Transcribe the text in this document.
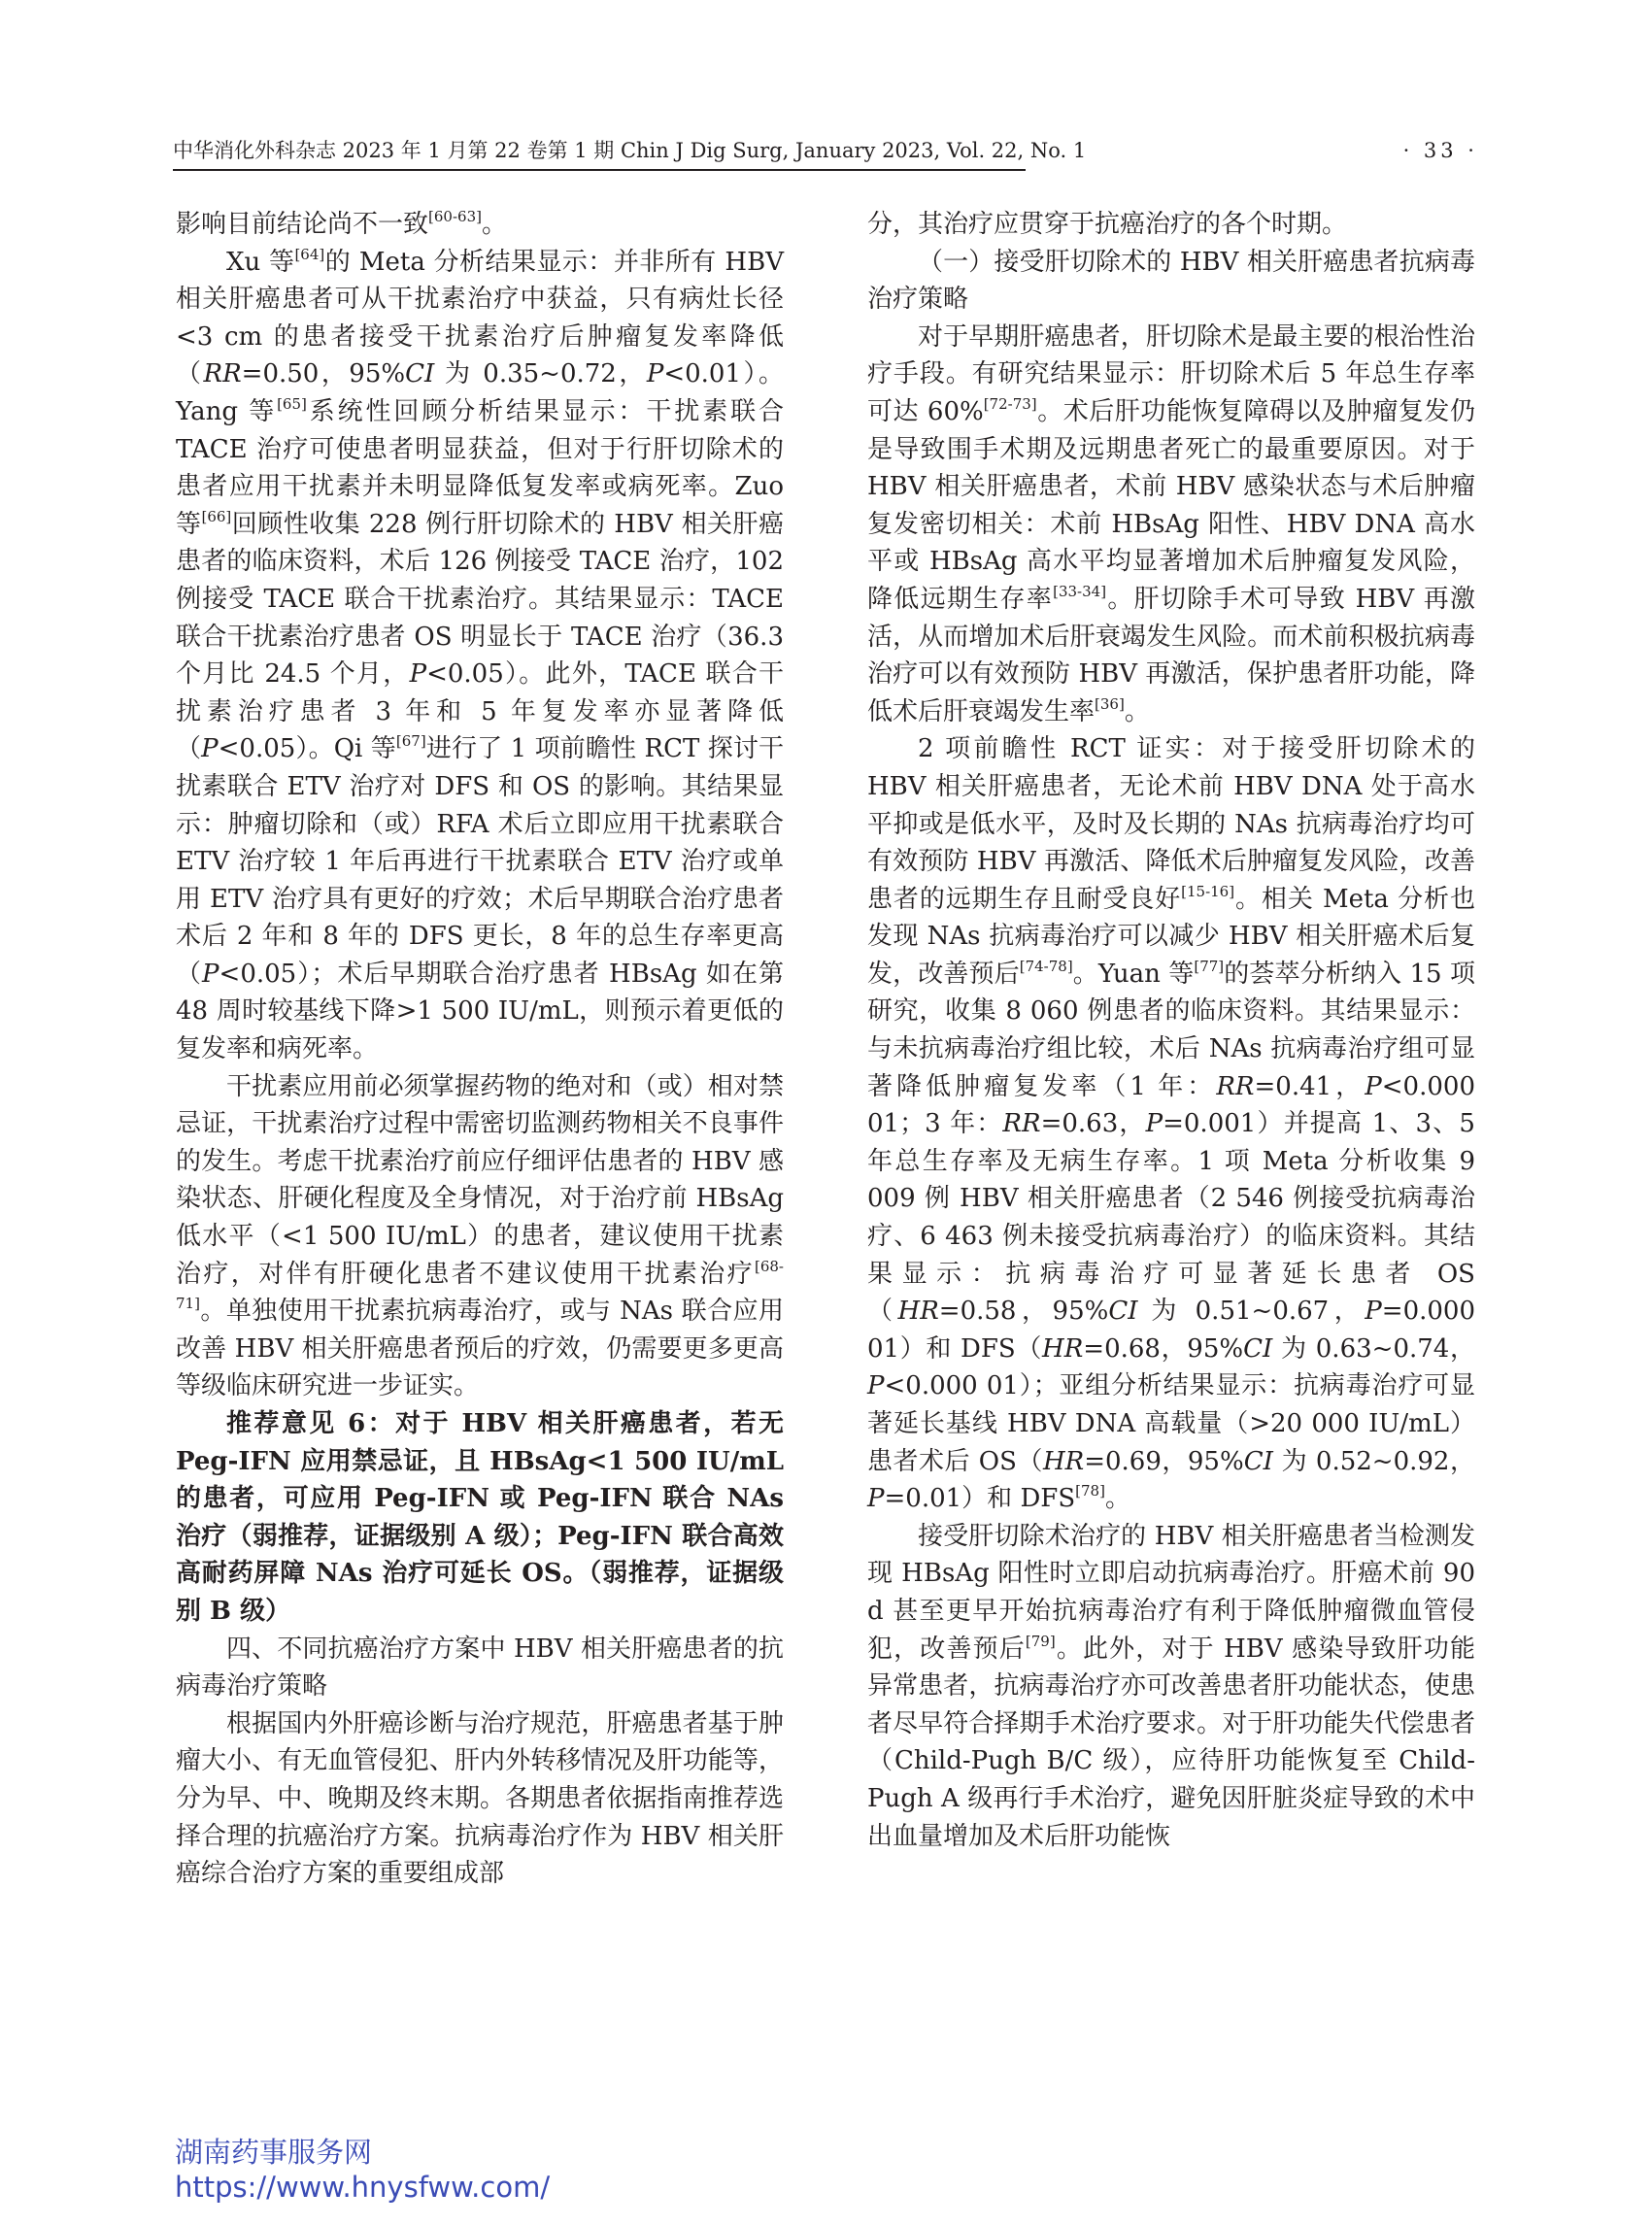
中华消化外科杂志 2023 年 1 月第 22 卷第 1 期 Chin J Dig Surg, January 2023, Vol. 22, No. 1	· 33 ·

影响目前结论尚不一致[60-63]。

Xu 等[64]的 Meta 分析结果显示：并非所有 HBV 相关肝癌患者可从干扰素治疗中获益，只有病灶长径<3 cm 的患者接受干扰素治疗后肿瘤复发率降低（RR=0.50，95%CI 为 0.35~0.72，P<0.01）。Yang 等[65]系统性回顾分析结果显示：干扰素联合 TACE 治疗可使患者明显获益，但对于行肝切除术的患者应用干扰素并未明显降低复发率或病死率。Zuo 等[66]回顾性收集 228 例行肝切除术的 HBV 相关肝癌患者的临床资料，术后 126 例接受 TACE 治疗，102 例接受 TACE 联合干扰素治疗。其结果显示：TACE 联合干扰素治疗患者 OS 明显长于 TACE 治疗（36.3 个月比 24.5 个月，P<0.05）。此外，TACE 联合干扰素治疗患者 3 年和 5 年复发率亦显著降低（P<0.05）。Qi 等[67]进行了 1 项前瞻性 RCT 探讨干扰素联合 ETV 治疗对 DFS 和 OS 的影响。其结果显示：肿瘤切除和（或）RFA 术后立即应用干扰素联合 ETV 治疗较 1 年后再进行干扰素联合 ETV 治疗或单用 ETV 治疗具有更好的疗效；术后早期联合治疗患者术后 2 年和 8 年的 DFS 更长，8 年的总生存率更高（P<0.05）；术后早期联合治疗患者 HBsAg 如在第 48 周时较基线下降>1 500 IU/mL，则预示着更低的复发率和病死率。

干扰素应用前必须掌握药物的绝对和（或）相对禁忌证，干扰素治疗过程中需密切监测药物相关不良事件的发生。考虑干扰素治疗前应仔细评估患者的 HBV 感染状态、肝硬化程度及全身情况，对于治疗前 HBsAg 低水平（<1 500 IU/mL）的患者，建议使用干扰素治疗，对伴有肝硬化患者不建议使用干扰素治疗[68-71]。单独使用干扰素抗病毒治疗，或与 NAs 联合应用改善 HBV 相关肝癌患者预后的疗效，仍需要更多更高等级临床研究进一步证实。

推荐意见 6：对于 HBV 相关肝癌患者，若无 Peg-IFN 应用禁忌证，且 HBsAg<1 500 IU/mL 的患者，可应用 Peg-IFN 或 Peg-IFN 联合 NAs 治疗（弱推荐，证据级别 A 级）；Peg-IFN 联合高效高耐药屏障 NAs 治疗可延长 OS。（弱推荐，证据级别 B 级）

四、不同抗癌治疗方案中 HBV 相关肝癌患者的抗病毒治疗策略

根据国内外肝癌诊断与治疗规范，肝癌患者基于肿瘤大小、有无血管侵犯、肝内外转移情况及肝功能等，分为早、中、晚期及终末期。各期患者依据指南推荐选择合理的抗癌治疗方案。抗病毒治疗作为 HBV 相关肝癌综合治疗方案的重要组成部

分，其治疗应贯穿于抗癌治疗的各个时期。

（一）接受肝切除术的 HBV 相关肝癌患者抗病毒治疗策略

对于早期肝癌患者，肝切除术是最主要的根治性治疗手段。有研究结果显示：肝切除术后 5 年总生存率可达 60%[72-73]。术后肝功能恢复障碍以及肿瘤复发仍是导致围手术期及远期患者死亡的最重要原因。对于 HBV 相关肝癌患者，术前 HBV 感染状态与术后肿瘤复发密切相关：术前 HBsAg 阳性、HBV DNA 高水平或 HBsAg 高水平均显著增加术后肿瘤复发风险，降低远期生存率[33-34]。肝切除手术可导致 HBV 再激活，从而增加术后肝衰竭发生风险。而术前积极抗病毒治疗可以有效预防 HBV 再激活，保护患者肝功能，降低术后肝衰竭发生率[36]。

2 项前瞻性 RCT 证实：对于接受肝切除术的 HBV 相关肝癌患者，无论术前 HBV DNA 处于高水平抑或是低水平，及时及长期的 NAs 抗病毒治疗均可有效预防 HBV 再激活、降低术后肿瘤复发风险，改善患者的远期生存且耐受良好[15-16]。相关 Meta 分析也发现 NAs 抗病毒治疗可以减少 HBV 相关肝癌术后复发，改善预后[74-78]。Yuan 等[77]的荟萃分析纳入 15 项研究，收集 8 060 例患者的临床资料。其结果显示：与未抗病毒治疗组比较，术后 NAs 抗病毒治疗组可显著降低肿瘤复发率（1 年：RR=0.41，P<0.000 01；3 年：RR=0.63，P=0.001）并提高 1、3、5 年总生存率及无病生存率。1 项 Meta 分析收集 9 009 例 HBV 相关肝癌患者（2 546 例接受抗病毒治疗、6 463 例未接受抗病毒治疗）的临床资料。其结果显示：抗病毒治疗可显著延长患者 OS（HR=0.58，95%CI 为 0.51~0.67，P=0.000 01）和 DFS（HR=0.68，95%CI 为 0.63~0.74，P<0.000 01）；亚组分析结果显示：抗病毒治疗可显著延长基线 HBV DNA 高载量（>20 000 IU/mL）患者术后 OS（HR=0.69，95%CI 为 0.52~0.92，P=0.01）和 DFS[78]。

接受肝切除术治疗的 HBV 相关肝癌患者当检测发现 HBsAg 阳性时立即启动抗病毒治疗。肝癌术前 90 d 甚至更早开始抗病毒治疗有利于降低肿瘤微血管侵犯，改善预后[79]。此外，对于 HBV 感染导致肝功能异常患者，抗病毒治疗亦可改善患者肝功能状态，使患者尽早符合择期手术治疗要求。对于肝功能失代偿患者（Child-Pugh B/C 级），应待肝功能恢复至 Child-Pugh A 级再行手术治疗，避免因肝脏炎症导致的术中出血量增加及术后肝功能恢

湖南药事服务网
https://www.hnysfww.com/
